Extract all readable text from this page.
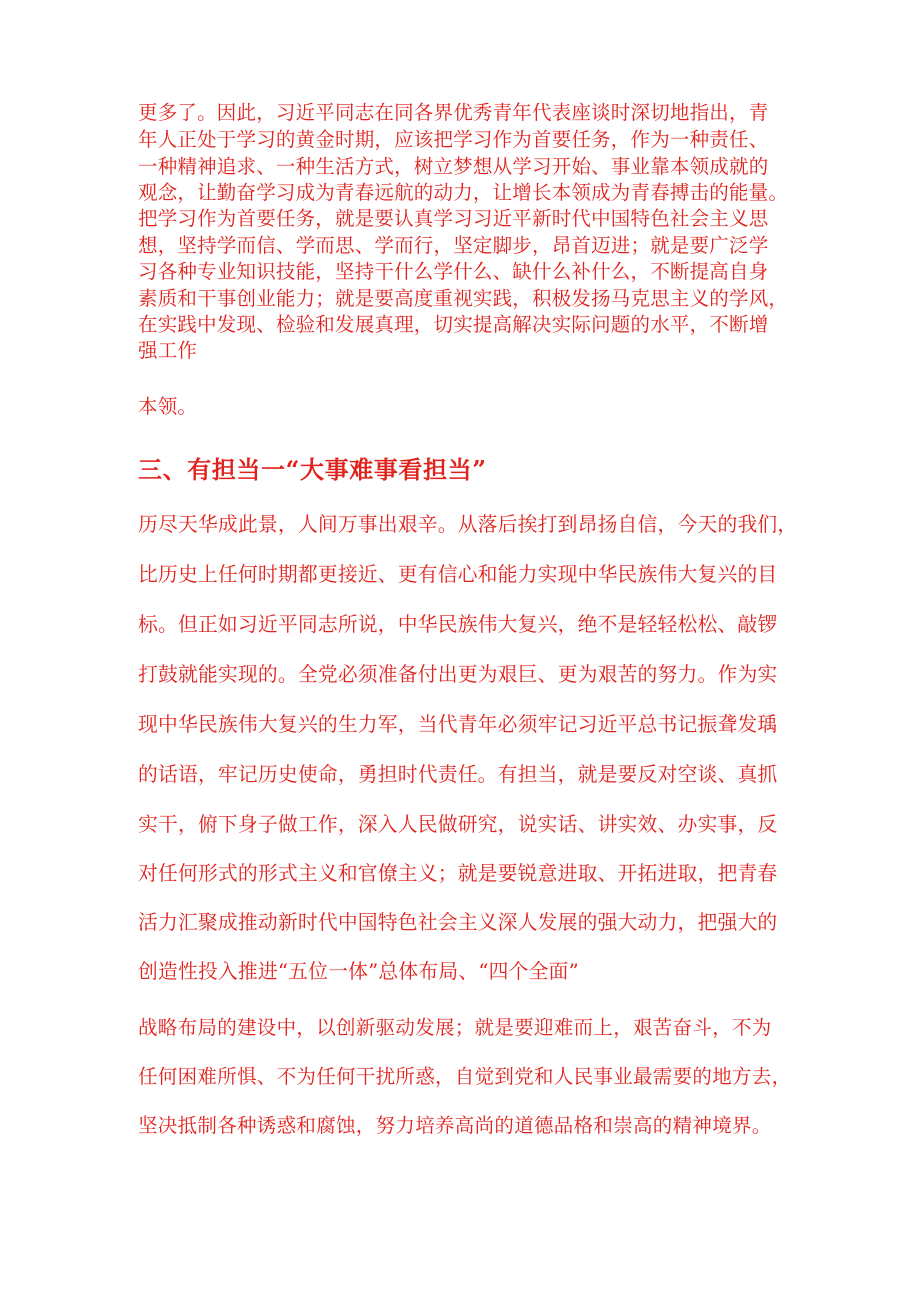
更多了。因此，习近平同志在同各界优秀青年代表座谈时深切地指出，青

年人正处于学习的黄金时期，应该把学习作为首要任务，作为一种责任、

一种精神追求、一种生活方式，树立梦想从学习开始、事业靠本领成就的

观念，让勤奋学习成为青春远航的动力，让增长本领成为青春搏击的能量。

把学习作为首要任务，就是要认真学习习近平新时代中国特色社会主义思

想，坚持学而信、学而思、学而行，坚定脚步，昂首迈进；就是要广泛学

习各种专业知识技能，坚持干什么学什么、缺什么补什么，不断提高自身

素质和干事创业能力；就是要高度重视实践，积极发扬马克思主义的学风，

在实践中发现、检验和发展真理，切实提高解决实际问题的水平，不断增

强工作

本领。

三、有担当一“大事难事看担当”

历尽天华成此景，人间万事出艰辛。从落后挨打到昂扬自信，今天的我们，

比历史上任何时期都更接近、更有信心和能力实现中华民族伟大复兴的目

标。但正如习近平同志所说，中华民族伟大复兴，绝不是轻轻松松、敲锣

打鼓就能实现的。全党必须准备付出更为艰巨、更为艰苦的努力。作为实

现中华民族伟大复兴的生力军，当代青年必须牢记习近平总书记振聋发瑀

的话语，牢记历史使命，勇担时代责任。有担当，就是要反对空谈、真抓

实干，俯下身子做工作，深入人民做研究，说实话、讲实效、办实事，反

对任何形式的形式主义和官僚主义；就是要锐意进取、开拓进取，把青春

活力汇聚成推动新时代中国特色社会主义深人发展的强大动力，把强大的

创造性投入推进“五位一体”总体布局、“四个全面”

战略布局的建设中，以创新驱动发展；就是要迎难而上，艰苦奋斗，不为

任何困难所惧、不为任何干扰所惑，自觉到党和人民事业最需要的地方去，

坚决抵制各种诱惑和腐蚀，努力培养高尚的道德品格和崇高的精神境界。
